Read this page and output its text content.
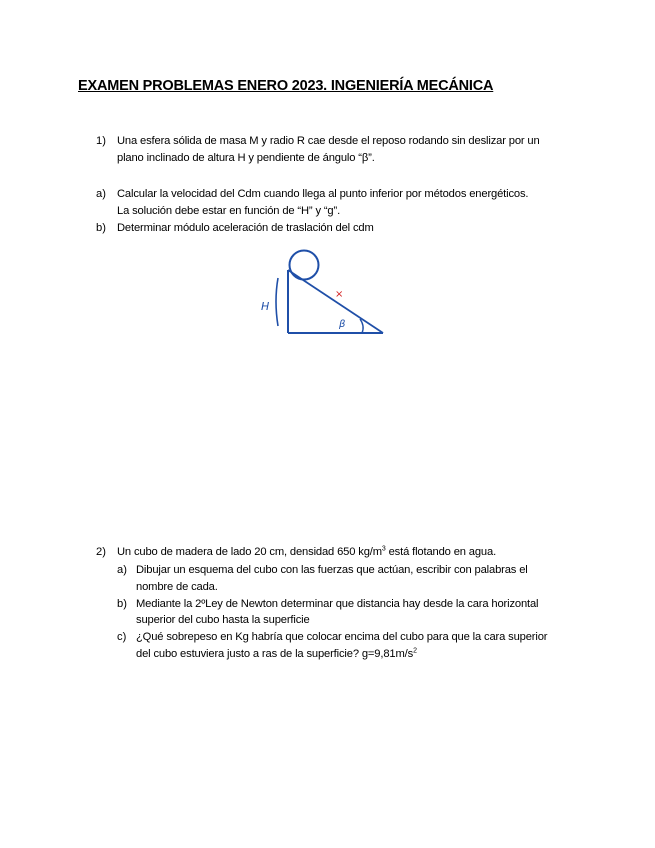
EXAMEN PROBLEMAS ENERO 2023. INGENIERÍA MECÁNICA
1) Una esfera sólida de masa M y radio R cae desde el reposo rodando sin deslizar por un
plano inclinado de altura H y pendiente de ángulo “β”.
a) Calcular la velocidad del Cdm cuando llega al punto inferior por métodos energéticos.
La solución debe estar en función de “H” y “g”.
b) Determinar módulo aceleración de traslación del cdm
H
β
×
2) Un cubo de madera de lado 20 cm, densidad 650 $kg/m^3$ está flotando en agua.
a) Dibujar un esquema del cubo con las fuerzas que actúan, escribir con palabras el
nombre de cada.
b) Mediante la 2ºLey de Newton determinar que distancia hay desde la cara horizontal
superior del cubo hasta la superficie
c) ¿Qué sobrepeso en Kg habría que colocar encima del cubo para que la cara superior
del cubo estuviera justo a ras de la superficie? $g=9,81m/s^2$
